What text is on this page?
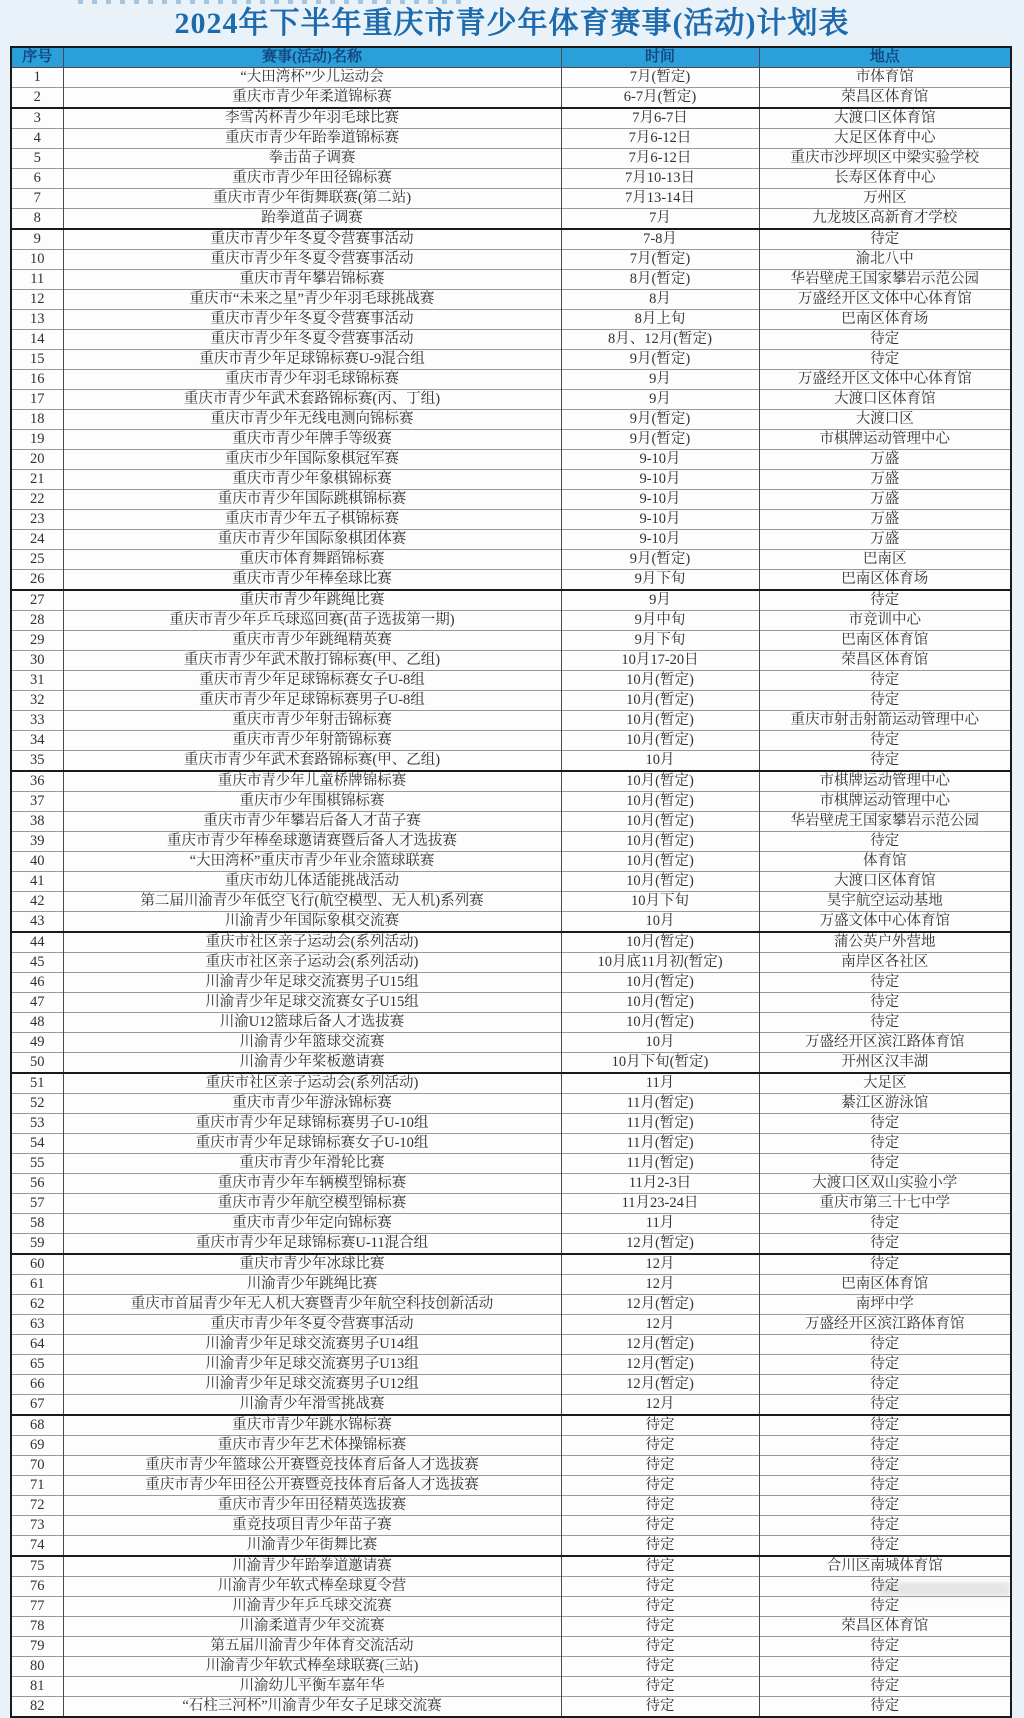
2024年下半年重庆市青少年体育赛事(活动)计划表
序号	赛事(活动)名称	时间	地点
1	“大田湾杯”少儿运动会	7月(暂定)	市体育馆
2	重庆市青少年柔道锦标赛	6-7月(暂定)	荣昌区体育馆
3	李雪芮杯青少年羽毛球比赛	7月6-7日	大渡口区体育馆
4	重庆市青少年跆拳道锦标赛	7月6-12日	大足区体育中心
5	拳击苗子调赛	7月6-12日	重庆市沙坪坝区中梁实验学校
6	重庆市青少年田径锦标赛	7月10-13日	长寿区体育中心
7	重庆市青少年街舞联赛(第二站)	7月13-14日	万州区
8	跆拳道苗子调赛	7月	九龙坡区高新育才学校
9	重庆市青少年冬夏令营赛事活动	7-8月	待定
10	重庆市青少年冬夏令营赛事活动	7月(暂定)	渝北八中
11	重庆市青年攀岩锦标赛	8月(暂定)	华岩壁虎王国家攀岩示范公园
12	重庆市“未来之星”青少年羽毛球挑战赛	8月	万盛经开区文体中心体育馆
13	重庆市青少年冬夏令营赛事活动	8月上旬	巴南区体育场
14	重庆市青少年冬夏令营赛事活动	8月、12月(暂定)	待定
15	重庆市青少年足球锦标赛U-9混合组	9月(暂定)	待定
16	重庆市青少年羽毛球锦标赛	9月	万盛经开区文体中心体育馆
17	重庆市青少年武术套路锦标赛(丙、丁组)	9月	大渡口区体育馆
18	重庆市青少年无线电测向锦标赛	9月(暂定)	大渡口区
19	重庆市青少年牌手等级赛	9月(暂定)	市棋牌运动管理中心
20	重庆市少年国际象棋冠军赛	9-10月	万盛
21	重庆市青少年象棋锦标赛	9-10月	万盛
22	重庆市青少年国际跳棋锦标赛	9-10月	万盛
23	重庆市青少年五子棋锦标赛	9-10月	万盛
24	重庆市青少年国际象棋团体赛	9-10月	万盛
25	重庆市体育舞蹈锦标赛	9月(暂定)	巴南区
26	重庆市青少年棒垒球比赛	9月下旬	巴南区体育场
27	重庆市青少年跳绳比赛	9月	待定
28	重庆市青少年乒乓球巡回赛(苗子选拔第一期)	9月中旬	市竞训中心
29	重庆市青少年跳绳精英赛	9月下旬	巴南区体育馆
30	重庆市青少年武术散打锦标赛(甲、乙组)	10月17-20日	荣昌区体育馆
31	重庆市青少年足球锦标赛女子U-8组	10月(暂定)	待定
32	重庆市青少年足球锦标赛男子U-8组	10月(暂定)	待定
33	重庆市青少年射击锦标赛	10月(暂定)	重庆市射击射箭运动管理中心
34	重庆市青少年射箭锦标赛	10月(暂定)	待定
35	重庆市青少年武术套路锦标赛(甲、乙组)	10月	待定
36	重庆市青少年儿童桥牌锦标赛	10月(暂定)	市棋牌运动管理中心
37	重庆市少年围棋锦标赛	10月(暂定)	市棋牌运动管理中心
38	重庆市青少年攀岩后备人才苗子赛	10月(暂定)	华岩壁虎王国家攀岩示范公园
39	重庆市青少年棒垒球邀请赛暨后备人才选拔赛	10月(暂定)	待定
40	“大田湾杯”重庆市青少年业余篮球联赛	10月(暂定)	体育馆
41	重庆市幼儿体适能挑战活动	10月(暂定)	大渡口区体育馆
42	第二届川渝青少年低空飞行(航空模型、无人机)系列赛	10月下旬	昊宇航空运动基地
43	川渝青少年国际象棋交流赛	10月	万盛文体中心体育馆
44	重庆市社区亲子运动会(系列活动)	10月(暂定)	蒲公英户外营地
45	重庆市社区亲子运动会(系列活动)	10月底11月初(暂定)	南岸区各社区
46	川渝青少年足球交流赛男子U15组	10月(暂定)	待定
47	川渝青少年足球交流赛女子U15组	10月(暂定)	待定
48	川渝U12篮球后备人才选拔赛	10月(暂定)	待定
49	川渝青少年篮球交流赛	10月	万盛经开区滨江路体育馆
50	川渝青少年桨板邀请赛	10月下旬(暂定)	开州区汉丰湖
51	重庆市社区亲子运动会(系列活动)	11月	大足区
52	重庆市青少年游泳锦标赛	11月(暂定)	綦江区游泳馆
53	重庆市青少年足球锦标赛男子U-10组	11月(暂定)	待定
54	重庆市青少年足球锦标赛女子U-10组	11月(暂定)	待定
55	重庆市青少年滑轮比赛	11月(暂定)	待定
56	重庆市青少年车辆模型锦标赛	11月2-3日	大渡口区双山实验小学
57	重庆市青少年航空模型锦标赛	11月23-24日	重庆市第三十七中学
58	重庆市青少年定向锦标赛	11月	待定
59	重庆市青少年足球锦标赛U-11混合组	12月(暂定)	待定
60	重庆市青少年冰球比赛	12月	待定
61	川渝青少年跳绳比赛	12月	巴南区体育馆
62	重庆市首届青少年无人机大赛暨青少年航空科技创新活动	12月(暂定)	南坪中学
63	重庆市青少年冬夏令营赛事活动	12月	万盛经开区滨江路体育馆
64	川渝青少年足球交流赛男子U14组	12月(暂定)	待定
65	川渝青少年足球交流赛男子U13组	12月(暂定)	待定
66	川渝青少年足球交流赛男子U12组	12月(暂定)	待定
67	川渝青少年滑雪挑战赛	12月	待定
68	重庆市青少年跳水锦标赛	待定	待定
69	重庆市青少年艺术体操锦标赛	待定	待定
70	重庆市青少年篮球公开赛暨竞技体育后备人才选拔赛	待定	待定
71	重庆市青少年田径公开赛暨竞技体育后备人才选拔赛	待定	待定
72	重庆市青少年田径精英选拔赛	待定	待定
73	重竞技项目青少年苗子赛	待定	待定
74	川渝青少年街舞比赛	待定	待定
75	川渝青少年跆拳道邀请赛	待定	合川区南城体育馆
76	川渝青少年软式棒垒球夏令营	待定	待定
77	川渝青少年乒乓球交流赛	待定	待定
78	川渝柔道青少年交流赛	待定	荣昌区体育馆
79	第五届川渝青少年体育交流活动	待定	待定
80	川渝青少年软式棒垒球联赛(三站)	待定	待定
81	川渝幼儿平衡车嘉年华	待定	待定
82	“石柱三河杯”川渝青少年女子足球交流赛	待定	待定
